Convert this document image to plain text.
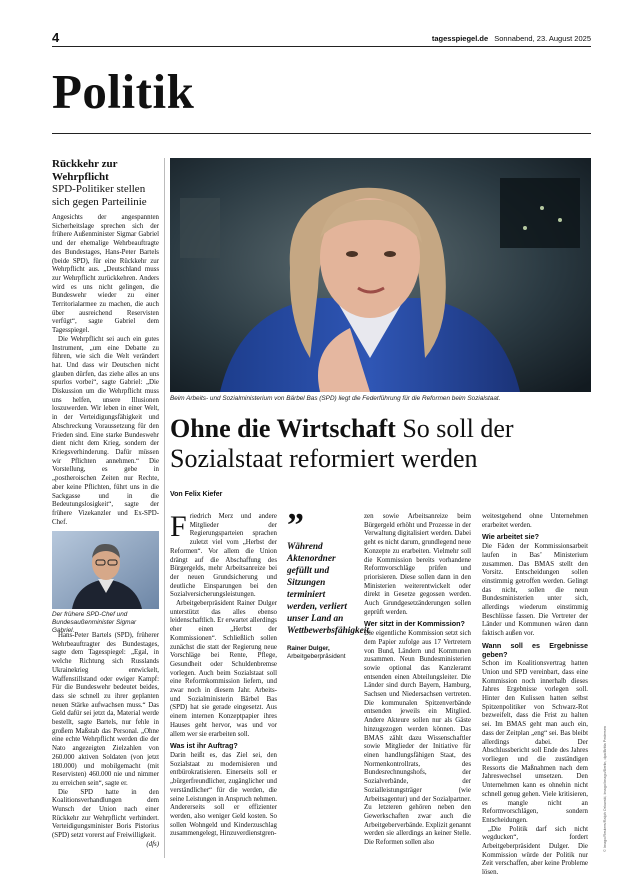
4	tagesspiegel.de Sonnabend, 23. August 2025
Politik
Rückkehr zur Wehrpflicht
SPD-Politiker stellen sich gegen Parteilinie

Angesichts der angespannten Sicherheitslage sprechen sich der frühere Außenminister Sigmar Gabriel und der ehemalige Wehrbeauftragte des Bundestages, Hans-Peter Bartels (beide SPD), für eine Rückkehr zur Wehrpflicht aus. „Deutschland muss zur Wehrpflicht zurückkehren. Anders wird es uns nicht gelingen, die Bundeswehr wieder zu einer Territorialarmee zu machen, die auch über ausreichend Reservisten verfügt“, sagte Gabriel dem Tagesspiegel.

Die Wehrpflicht sei auch ein gutes Instrument, „um eine Debatte zu führen, wie sich die Welt verändert hat. Und dass wir Deutschen nicht glauben dürfen, das ziehe alles an uns spurlos vorbei“, sagte Gabriel: „Die Diskussion um die Wehrpflicht muss uns helfen, unsere Illusionen loszuwerden. Wir leben in einer Welt, in der Verteidigungsfähigkeit und Abschreckung Voraussetzung für den Frieden sind. Eine starke Bundeswehr dient nicht dem Krieg, sondern der Kriegsverhinderung. Dafür müssen wir Pflichten annehmen.“ Die Vorstellung, es gebe in „postheroischen Zeiten nur Rechte, aber keine Pflichten, führt uns in die Sackgasse und in die Bedeutungslosigkeit“, sagte der frühere Vizekanzler und Ex-SPD-Chef.

Der frühere SPD-Chef und Bundesaußenminister Sigmar Gabriel.

Hans-Peter Bartels (SPD), früherer Wehrbeauftragter des Bundestages, sagte dem Tagesspiegel: „Egal, in welche Richtung sich Russlands Ukrainekrieg entwickelt, Waffenstillstand oder ewiger Kampf: Für die Bundeswehr bedeutet beides, dass sie schnell zu ihrer geplanten neuen Stärke aufwachsen muss.“ Das Geld dafür sei jetzt da, Material werde bestellt, sagte Bartels, nur fehle in großem Maßstab das Personal. „Ohne eine echte Wehrpflicht werden die der Nato angezeigten Zielzahlen von 260.000 aktiven Soldaten (von jetzt 180.000) und mobilgemacht (mit Reservisten) 460.000 nie und nimmer zu erreichen sein“, sagte er.

Die SPD hatte in den Koalitionsverhandlungen dem Wunsch der Union nach einer Rückkehr zur Wehrpflicht verhindert. Verteidigungsminister Boris Pistorius (SPD) setzt vorerst auf Freiwilligkeit.

(dfs)
Beim Arbeits- und Sozialministerium von Bärbel Bas (SPD) liegt die Federführung für die Reformen beim Sozialstaat.
Ohne die Wirtschaft So soll der Sozialstaat reformiert werden
Von Felix Kiefer

Friedrich Merz und andere Mitglieder der Regierungsparteien sprachen zuletzt viel vom „Herbst der Reformen“. Vor allem die Union drängt auf die Abschaffung des Bürgergelds, mehr Arbeitsanreize bei der neuen Grundsicherung und deutliche Einsparungen bei den Sozialversicherungsleistungen.

Arbeitgeberpräsident Rainer Dulger unterstützt das alles ebenso leidenschaftlich. Er erwartet allerdings eher einen „Herbst der Kommissionen“. Schließlich sollen zunächst die statt der Regierung neue Vorschläge bei Rente, Pflege, Gesundheit oder Schuldenbremse vorlegen. Auch beim Sozialstaat soll eine Reformkommission liefern, und zwar noch in diesem Jahr. Arbeits- und Sozialministerin Bärbel Bas (SPD) hat sie gerade eingesetzt. Aus einem internen Konzeptpapier ihres Hauses geht hervor, was und vor allem wer sie erarbeiten soll.

Was ist ihr Auftrag?

Darin heißt es, das Ziel sei, den Sozialstaat zu modernisieren und entbürokratisieren. Einerseits soll er „bürgerfreundlicher, zugänglicher und verständlicher“ für die werden, die seine Leistungen in Anspruch nehmen. Andererseits soll er effizienter werden, also weniger Geld kosten. So sollen Wohngeld und Kinderzuschlag zusammengelegt, Hinzuverdienstgren-

”
Während Aktenordner gefüllt und Sitzungen terminiert werden, verliert unser Land an Wettbewerbsfähigkeit.
Rainer Dulger, Arbeitgeberpräsident

zen sowie Arbeitsanreize beim Bürgergeld erhöht und Prozesse in der Verwaltung digitalisiert werden. Dabei geht es nicht darum, grundlegend neue Konzepte zu erarbeiten. Vielmehr soll die Kommission bereits vorhandene Reformvorschläge prüfen und priorisieren. Diese sollen dann in den Ministerien weiterentwickelt oder direkt in Gesetze gegossen werden. Auch Grundgesetzänderungen sollen geprüft werden.

Wer sitzt in der Kommission?

Die eigentliche Kommission setzt sich dem Papier zufolge aus 17 Vertretern von Bund, Ländern und Kommunen zusammen. Neun Bundesministerien sowie optional das Kanzleramt entsenden einen Abteilungsleiter. Die Länder sind durch Bayern, Hamburg, Sachsen und Niedersachsen vertreten. Die kommunalen Spitzenverbände entsenden jeweils ein Mitglied. Andere Akteure sollen nur als Gäste hinzugezogen werden können. Das BMAS zählt dazu Wissenschaftler sowie Mitglieder der Initiative für einen handlungsfähigen Staat, des Normenkontrollrats, des Bundesrechnungshofs, der Sozialverbände, der Sozialleistungsträger (wie Arbeitsagentur) und der Sozialpartner. Zu letzteren gehören neben den Gewerkschaften zwar auch die Arbeitgeberverbände. Explizit genannt werden sie allerdings an keiner Stelle. Die Reformen sollen also

weitestgehend ohne Unternehmen erarbeitet werden.

Wie arbeitet sie?

Die Fäden der Kommissionsarbeit laufen in Bas’ Ministerium zusammen. Das BMAS stellt den Vorsitz. Entscheidungen sollen einstimmig getroffen werden. Gelingt das nicht, sollen die neun Bundesministerien unter sich, allerdings wiederum einstimmig Beschlüsse fassen. Die Vertreter der Länder und Kommunen wären dann faktisch außen vor.

Wann soll es Ergebnisse geben?

Schon im Koalitionsvertrag hatten Union und SPD vereinbart, dass eine Kommission noch innerhalb dieses Jahres Ergebnisse vorlegen soll. Hinter den Kulissen hatten selbst Spitzenpolitiker von Schwarz-Rot bezweifelt, dass die Frist zu halten sei. Im BMAS geht man auch ein, dass der Zeitplan „eng“ sei. Bas bleibt allerdings dabei. Der Abschlussbericht soll Ende des Jahres vorliegen und die zuständigen Ressorts die Maßnahmen nach dem Jahreswechsel umsetzen. Den Unternehmen kann es ohnehin nicht schnell genug gehen. Viele kritisieren, es mangle nicht an Reformvorschlägen, sondern Entscheidungen.

„Die Politik darf sich nicht wegducken“, fordert Arbeitgeberpräsident Dulger. Die Kommission würde der Politik nur Zeit verschaffen, aber keine Probleme lösen.

© Imago/Reuters/Ralph Orlowski, Imago/Imago/Berlin, dpa/Britta Pedersen
